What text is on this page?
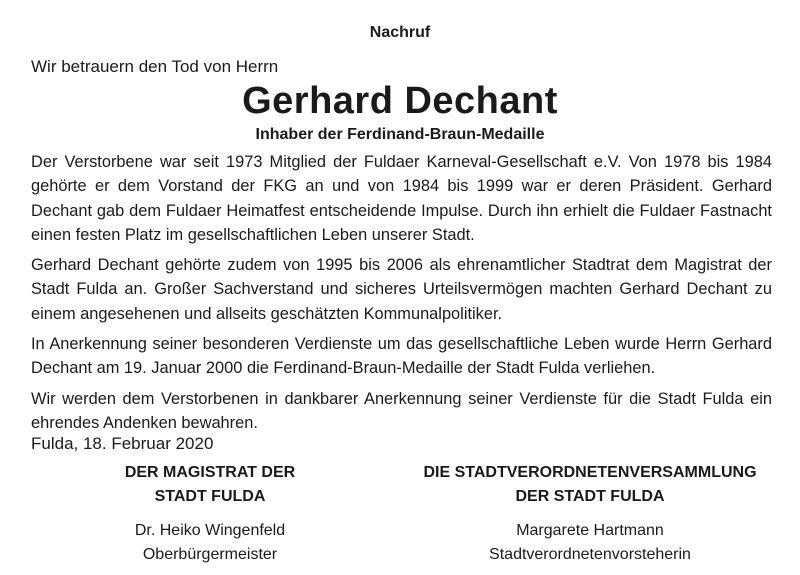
Nachruf
Wir betrauern den Tod von Herrn
Gerhard Dechant
Inhaber der Ferdinand-Braun-Medaille

Der Verstorbene war seit 1973 Mitglied der Fuldaer Karneval-Gesellschaft e.V. Von 1978 bis 1984 gehörte er dem Vorstand der FKG an und von 1984 bis 1999 war er deren Präsident. Gerhard Dechant gab dem Fuldaer Heimatfest entscheidende Impulse. Durch ihn erhielt die Fuldaer Fastnacht einen festen Platz im gesellschaftlichen Leben unserer Stadt.

Gerhard Dechant gehörte zudem von 1995 bis 2006 als ehrenamtlicher Stadtrat dem Magistrat der Stadt Fulda an. Großer Sachverstand und sicheres Urteilsvermögen machten Gerhard Dechant zu einem angesehenen und allseits geschätzten Kommunalpolitiker.

In Anerkennung seiner besonderen Verdienste um das gesellschaftliche Leben wurde Herrn Gerhard Dechant am 19. Januar 2000 die Ferdinand-Braun-Medaille der Stadt Fulda verliehen.

Wir werden dem Verstorbenen in dankbarer Anerkennung seiner Verdienste für die Stadt Fulda ein ehrendes Andenken bewahren.

Fulda, 18. Februar 2020
DER MAGISTRAT DER
STADT FULDA
Dr. Heiko Wingenfeld
Oberbürgermeister
DIE STADTVERORDNETENVERSAMMLUNG
DER STADT FULDA
Margarete Hartmann
Stadtverordnetenvorsteherin
